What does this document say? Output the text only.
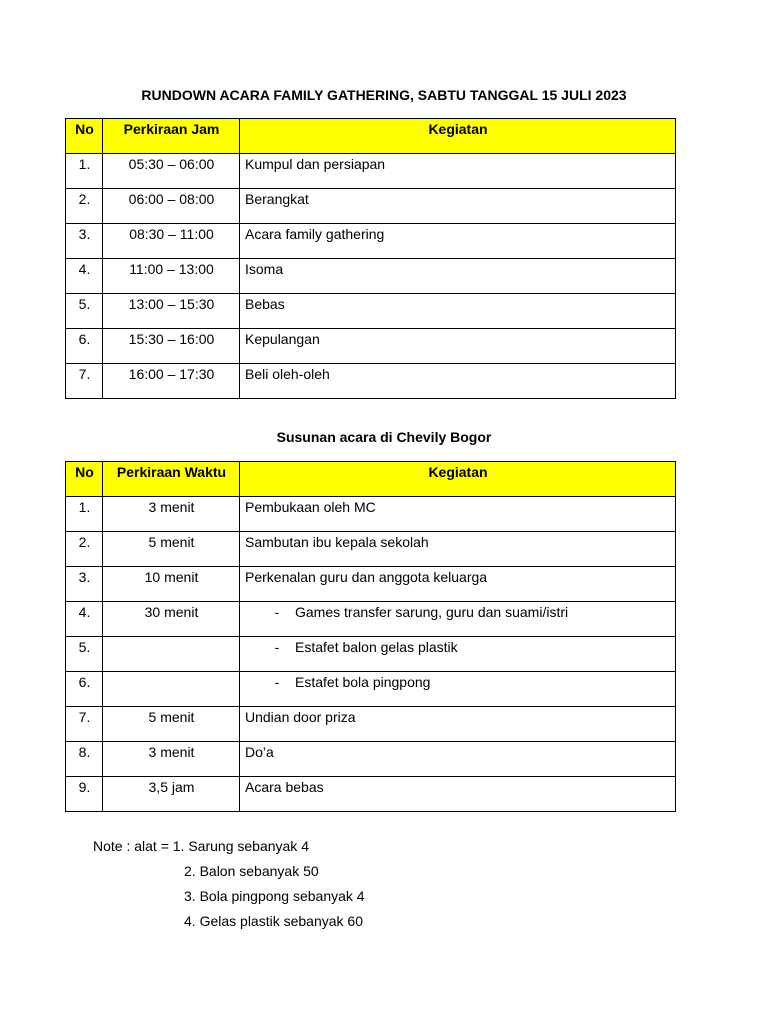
RUNDOWN ACARA FAMILY GATHERING, SABTU TANGGAL 15 JULI 2023

No	Perkiraan Jam	Kegiatan
1.	05:30 – 06:00	Kumpul dan persiapan
2.	06:00 – 08:00	Berangkat
3.	08:30 – 11:00	Acara family gathering
4.	11:00 – 13:00	Isoma
5.	13:00 – 15:30	Bebas
6.	15:30 – 16:00	Kepulangan
7.	16:00 – 17:30	Beli oleh-oleh

Susunan acara di Chevily Bogor

No	Perkiraan Waktu	Kegiatan
1.	3 menit	Pembukaan oleh MC
2.	5 menit	Sambutan ibu kepala sekolah
3.	10 menit	Perkenalan guru dan anggota keluarga
4.	30 menit	- Games transfer sarung, guru dan suami/istri
5.		- Estafet balon gelas plastik
6.		- Estafet bola pingpong
7.	5 menit	Undian door priza
8.	3 menit	Do’a
9.	3,5 jam	Acara bebas

Note : alat = 1. Sarung sebanyak 4

2. Balon sebanyak 50

3. Bola pingpong sebanyak 4

4. Gelas plastik sebanyak 60
